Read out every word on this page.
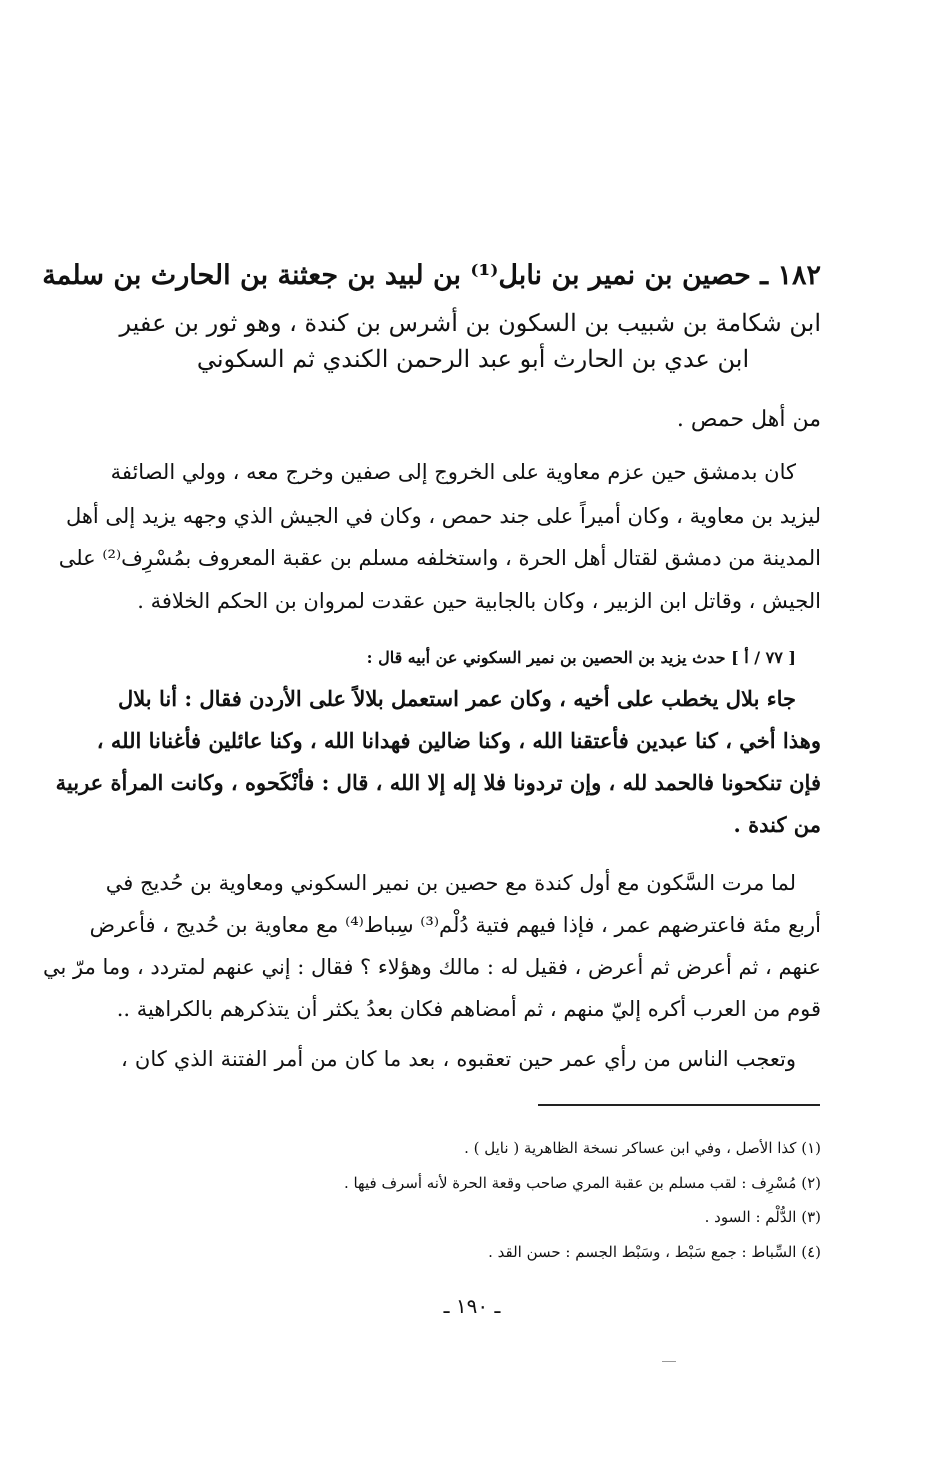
١٨٢ ـ حصين بن نمير بن نابل⁽¹⁾ بن لبيد بن جعثنة بن الحارث بن سلمة
ابن شكامة بن شبيب بن السكون بن أشرس بن كندة ، وهو ثور بن عفير
ابن عدي بن الحارث أبو عبد الرحمن الكندي ثم السكوني
من أهل حمص .
كان بدمشق حين عزم معاوية على الخروج إلى صفين وخرج معه ، وولي الصائفة
ليزيد بن معاوية ، وكان أميراً على جند حمص ، وكان في الجيش الذي وجهه يزيد إلى أهل
المدينة من دمشق لقتال أهل الحرة ، واستخلفه مسلم بن عقبة المعروف بمُسْرِف⁽²⁾ على
الجيش ، وقاتل ابن الزبير ، وكان بالجابية حين عقدت لمروان بن الحكم الخلافة .
[ ٧٧ / أ ] حدث يزيد بن الحصين بن نمير السكوني عن أبيه قال :
جاء بلال يخطب على أخيه ، وكان عمر استعمل بلالاً على الأردن فقال : أنا بلال
وهذا أخي ، كنا عبدين فأعتقنا الله ، وكنا ضالين فهدانا الله ، وكنا عائلين فأغنانا الله ،
فإن تنكحونا فالحمد لله ، وإن تردونا فلا إله إلا الله ، قال : فأنْكَحوه ، وكانت المرأة عربية
من كندة .
لما مرت السَّكون مع أول كندة مع حصين بن نمير السكوني ومعاوية بن حُديج في
أربع مئة فاعترضهم عمر ، فإذا فيهم فتية دُلْم⁽³⁾ سِباط⁽⁴⁾ مع معاوية بن حُديج ، فأعرض
عنهم ، ثم أعرض ثم أعرض ، فقيل له : مالك وهؤلاء ؟ فقال : إني عنهم لمتردد ، وما مرّ بي
قوم من العرب أكره إليّ منهم ، ثم أمضاهم فكان بعدُ يكثر أن يتذكرهم بالكراهية ..
وتعجب الناس من رأي عمر حين تعقبوه ، بعد ما كان من أمر الفتنة الذي كان ،
(١) كذا الأصل ، وفي ابن عساكر نسخة الظاهرية ( نايل ) .
(٢) مُسْرِف : لقب مسلم بن عقبة المري صاحب وقعة الحرة لأنه أسرف فيها .
(٣) الدُّلْم : السود .
(٤) السِّباط : جمع سَبْط ، وسَبْط الجسم : حسن القد .
ـ ١٩٠ ـ
